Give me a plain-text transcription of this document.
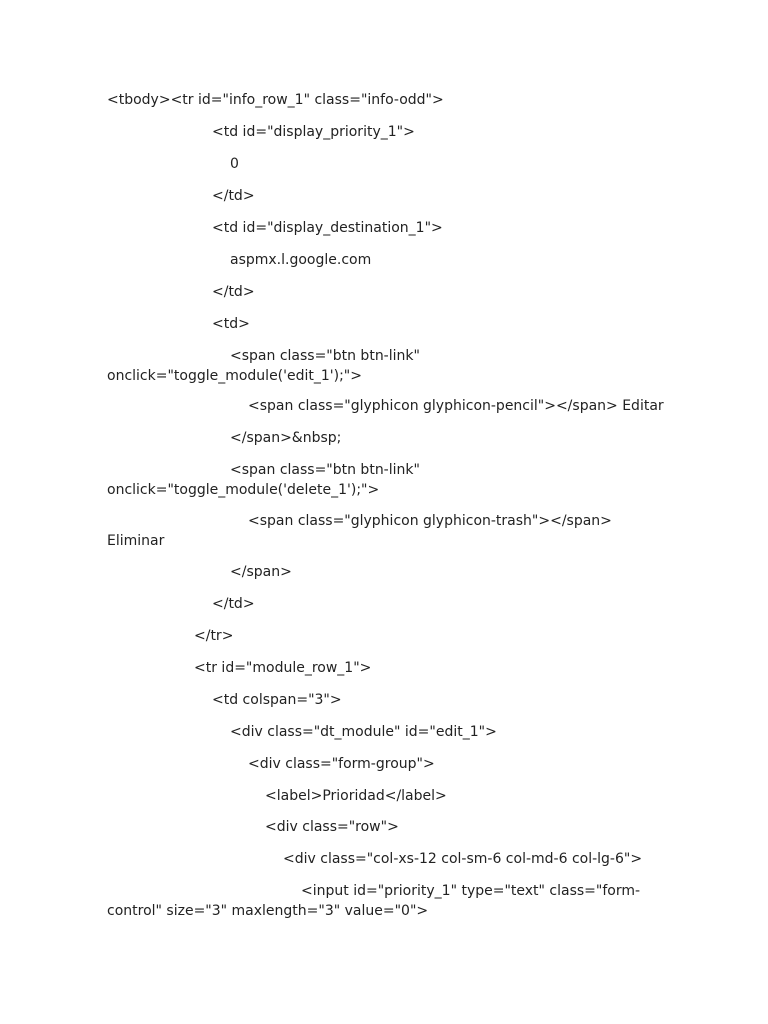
<tbody><tr id="info_row_1" class="info-odd">
<td id="display_priority_1">
0
</td>
<td id="display_destination_1">
aspmx.l.google.com
</td>
<td>
<span class="btn btn-link"
onclick="toggle_module('edit_1');">
<span class="glyphicon glyphicon-pencil"></span> Editar
</span>&nbsp;
<span class="btn btn-link"
onclick="toggle_module('delete_1');">
<span class="glyphicon glyphicon-trash"></span>
Eliminar
</span>
</td>
</tr>
<tr id="module_row_1">
<td colspan="3">
<div class="dt_module" id="edit_1">
<div class="form-group">
<label>Prioridad</label>
<div class="row">
<div class="col-xs-12 col-sm-6 col-md-6 col-lg-6">
<input id="priority_1" type="text" class="form-
control" size="3" maxlength="3" value="0">
